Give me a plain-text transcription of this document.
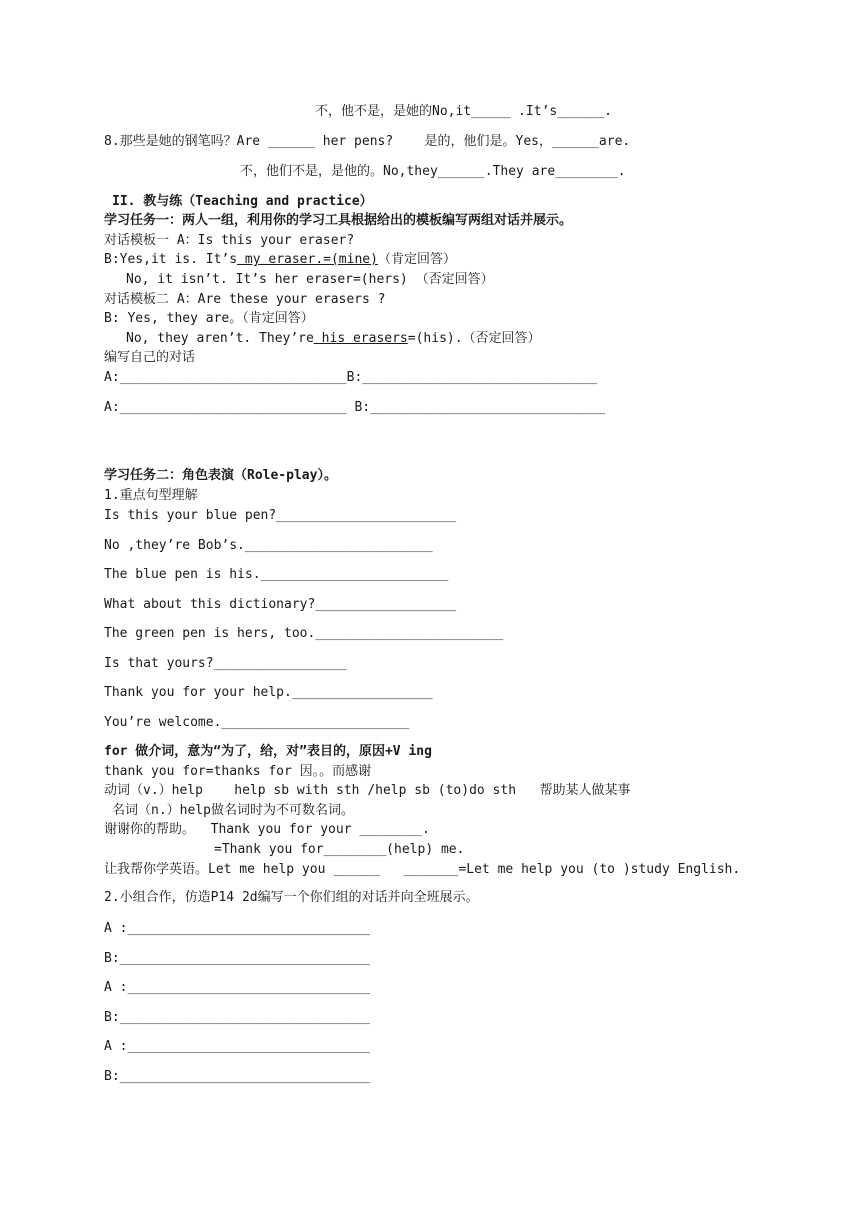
不，他不是，是她的No,it_____ .It’s______.
8.那些是她的钢笔吗？Are ______ her pens?    是的，他们是。Yes，______are.
不，他们不是，是他的。No,they______.They are________.
II. 教与练（Teaching and practice）
学习任务一：两人一组，利用你的学习工具根据给出的模板编写两组对话并展示。
对话模板一 A：Is this your eraser?
B:Yes,it is. It’s my eraser.=(mine)（肯定回答）
No, it isn’t. It’s her eraser=(hers) （否定回答）
对话模板二 A：Are these your erasers ?
B: Yes, they are。（肯定回答）
No, they aren’t. They’re his erasers=(his).（否定回答）
编写自己的对话
A:_____________________________B:______________________________
A:_____________________________ B:______________________________
学习任务二：角色表演（Role-play）。
1.重点句型理解
Is this your blue pen?_______________________
No ,they’re Bob’s.________________________
The blue pen is his.________________________
What about this dictionary?__________________
The green pen is hers, too.________________________
Is that yours?_________________
Thank you for your help.__________________
You’re welcome.________________________
for 做介词，意为“为了，给，对”表目的，原因+V ing
thank you for=thanks for 因。。而感谢
动词（v.）help    help sb with sth /help sb (to)do sth   帮助某人做某事
名词（n.）help做名词时为不可数名词。
谢谢你的帮助。  Thank you for your ________.
=Thank you for________(help) me.
让我帮你学英语。Let me help you ______   _______=Let me help you (to )study English.
2.小组合作，仿造P14 2d编写一个你们组的对话并向全班展示。
A :_______________________________
B:________________________________
A :_______________________________
B:________________________________
A :_______________________________
B:________________________________
